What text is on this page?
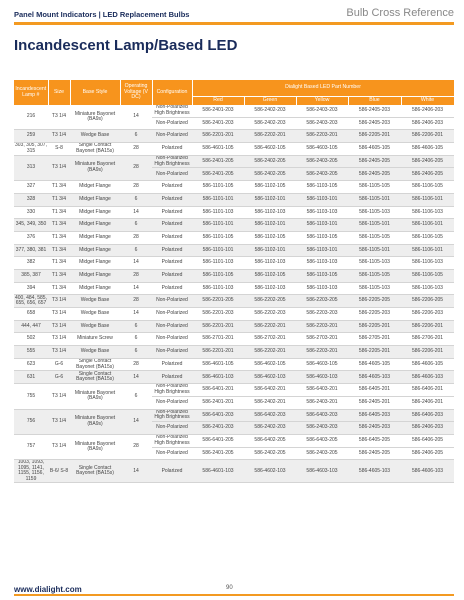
Panel Mount Indicators | LED Replacement Bulbs	Bulb Cross Reference
Incandescent Lamp/Based LED
Incandescent Lamp #	Size	Base Style	Operating Voltage (V DC)	Configuration	Dialight Based LED Part Number				
					Red	Green	Yellow	Blue	White
216	T3 1/4	Miniature Bayonet (BA9s)	14	Non-Polarized High Brightness	586-2401-203	586-2402-203	586-2403-203	586-2405-203	586-2406-203
				Non-Polarized	586-2401-203	586-2402-203	586-2403-203	586-2405-203	586-2406-203
259	T3 1/4	Wedge Base	6	Non-Polarized	586-2201-201	586-2202-201	586-2203-201	586-2205-201	586-2206-201
303, 305, 307, 315	S-8	Single Contact Bayonet (BA15s)	28	Polarized	586-4601-105	586-4602-105	586-4603-105	586-4605-105	586-4606-105
313	T3 1/4	Miniature Bayonet (BA9s)	28	Non-Polarized High Brightness	586-2401-205	586-2402-205	586-2403-205	586-2405-205	586-2406-205
				Non-Polarized	586-2401-205	586-2402-205	586-2403-205	586-2405-205	586-2406-205
327	T1 3/4	Midget Flange	28	Polarized	586-1101-105	586-1102-105	586-1103-105	586-1105-105	586-1106-105
328	T1 3/4	Midget Flange	6	Polarized	586-1101-101	586-1102-101	586-1103-101	586-1105-101	586-1106-101
330	T1 3/4	Midget Flange	14	Polarized	586-1101-103	586-1102-103	586-1103-103	586-1105-103	586-1106-103
345, 349, 350	T1 3/4	Midget Flange	6	Polarized	586-1101-101	586-1102-101	586-1103-101	586-1105-101	586-1106-101
376	T1 3/4	Midget Flange	28	Polarized	586-1101-105	586-1102-105	586-1103-105	586-1105-105	586-1106-105
377, 380, 381	T1 3/4	Midget Flange	6	Polarized	586-1101-101	586-1102-101	586-1103-101	586-1105-101	586-1106-101
382	T1 3/4	Midget Flange	14	Polarized	586-1101-103	586-1102-103	586-1103-103	586-1105-103	586-1106-103
385, 387	T1 3/4	Midget Flange	28	Polarized	586-1101-105	586-1102-105	586-1103-105	586-1105-105	586-1106-105
394	T1 3/4	Midget Flange	14	Polarized	586-1101-103	586-1102-103	586-1103-103	586-1105-103	586-1106-103
400, 484, 585, 655, 656, 657	T3 1/4	Wedge Base	28	Non-Polarized	586-2201-205	586-2202-205	586-2203-205	586-2205-205	586-2206-205
658	T3 1/4	Wedge Base	14	Non-Polarized	586-2201-203	586-2202-203	586-2203-203	586-2205-203	586-2206-203
444, 447	T3 1/4	Wedge Base	6	Non-Polarized	586-2201-201	586-2202-201	586-2203-201	586-2205-201	586-2206-201
502	T3 1/4	Miniature Screw	6	Non-Polarized	586-2701-201	586-2702-201	586-2703-201	586-2705-201	586-2706-201
555	T3 1/4	Wedge Base	6	Non-Polarized	586-2201-201	586-2202-201	586-2203-201	586-2205-201	586-2206-201
623	G-6	Single Contact Bayonet (BA15s)	28	Polarized	586-4601-105	586-4602-105	586-4603-105	586-4605-105	586-4606-105
631	G-6	Single Contact Bayonet (BA15s)	14	Polarized	586-4601-103	586-4602-103	586-4603-103	586-4605-103	586-4606-103
755	T3 1/4	Miniature Bayonet (BA9s)	6	Non-Polarized High Brightness	586-6401-201	586-6402-201	586-6403-201	586-6405-201	586-6406-201
				Non-Polarized	586-2401-201	586-2402-201	586-2403-201	586-2405-201	586-2406-201
756	T3 1/4	Miniature Bayonet (BA9s)	14	Non-Polarized High Brightness	586-6401-203	586-6402-203	586-6403-203	586-6405-203	586-6406-203
				Non-Polarized	586-2401-203	586-2402-203	586-2403-203	586-2405-203	586-2406-203
757	T3 1/4	Miniature Bayonet (BA9s)	28	Non-Polarized High Brightness	586-6401-205	586-6402-205	586-6403-205	586-6405-205	586-6406-205
				Non-Polarized	586-2401-205	586-2402-205	586-2403-205	586-2405-205	586-2406-205
1003, 1093, 1095, 1141, 1155, 1156, 1159	B-6/ S-8	Single Contact Bayonet (BA15s)	14	Polarized	586-4601-103	586-4602-103	586-4603-103	586-4605-103	586-4606-103
www.dialight.com	90
